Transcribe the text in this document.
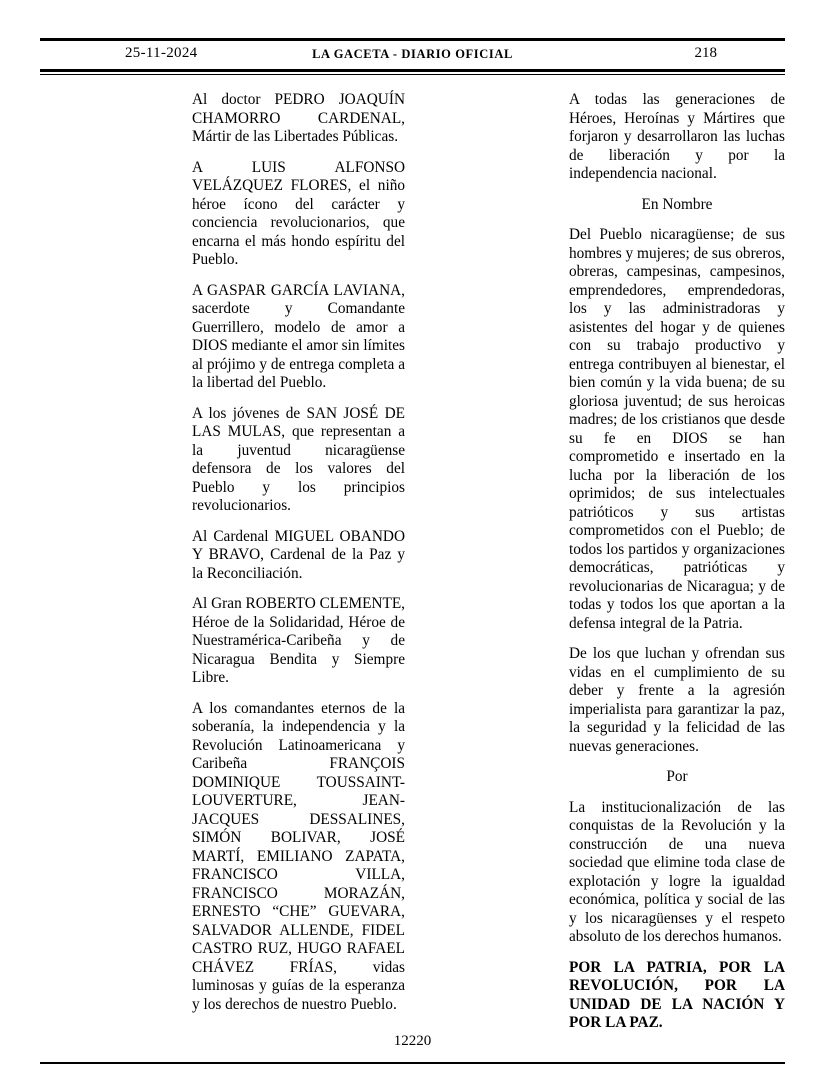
25-11-2024	LA GACETA - DIARIO OFICIAL	218

Al doctor PEDRO JOAQUÍN CHAMORRO CARDENAL, Mártir de las Libertades Públicas.

A LUIS ALFONSO VELÁZQUEZ FLORES, el niño héroe ícono del carácter y conciencia revolucionarios, que encarna el más hondo espíritu del Pueblo.

A GASPAR GARCÍA LAVIANA, sacerdote y Comandante Guerrillero, modelo de amor a DIOS mediante el amor sin límites al prójimo y de entrega completa a la libertad del Pueblo.

A los jóvenes de SAN JOSÉ DE LAS MULAS, que representan a la juventud nicaragüense defensora de los valores del Pueblo y los principios revolucionarios.

Al Cardenal MIGUEL OBANDO Y BRAVO, Cardenal de la Paz y la Reconciliación.

Al Gran ROBERTO CLEMENTE, Héroe de la Solidaridad, Héroe de Nuestramérica-Caribeña y de Nicaragua Bendita y Siempre Libre.

A los comandantes eternos de la soberanía, la independencia y la Revolución Latinoamericana y Caribeña FRANÇOIS DOMINIQUE TOUSSAINT-LOUVERTURE, JEAN-JACQUES DESSALINES, SIMÓN BOLIVAR, JOSÉ MARTÍ, EMILIANO ZAPATA, FRANCISCO VILLA, FRANCISCO MORAZÁN, ERNESTO “CHE” GUEVARA, SALVADOR ALLENDE, FIDEL CASTRO RUZ, HUGO RAFAEL CHÁVEZ FRÍAS, vidas luminosas y guías de la esperanza y los derechos de nuestro Pueblo.

A todas las generaciones de Héroes, Heroínas y Mártires que forjaron y desarrollaron las luchas de liberación y por la independencia nacional.

En Nombre

Del Pueblo nicaragüense; de sus hombres y mujeres; de sus obreros, obreras, campesinas, campesinos, emprendedores, emprendedoras, los y las administradoras y asistentes del hogar y de quienes con su trabajo productivo y entrega contribuyen al bienestar, el bien común y la vida buena; de su gloriosa juventud; de sus heroicas madres; de los cristianos que desde su fe en DIOS se han comprometido e insertado en la lucha por la liberación de los oprimidos; de sus intelectuales patrióticos y sus artistas comprometidos con el Pueblo; de todos los partidos y organizaciones democráticas, patrióticas y revolucionarias de Nicaragua; y de todas y todos los que aportan a la defensa integral de la Patria.

De los que luchan y ofrendan sus vidas en el cumplimiento de su deber y frente a la agresión imperialista para garantizar la paz, la seguridad y la felicidad de las nuevas generaciones.

Por

La institucionalización de las conquistas de la Revolución y la construcción de una nueva sociedad que elimine toda clase de explotación y logre la igualdad económica, política y social de las y los nicaragüenses y el respeto absoluto de los derechos humanos.

POR LA PATRIA, POR LA REVOLUCIÓN, POR LA UNIDAD DE LA NACIÓN Y POR LA PAZ.

12220
